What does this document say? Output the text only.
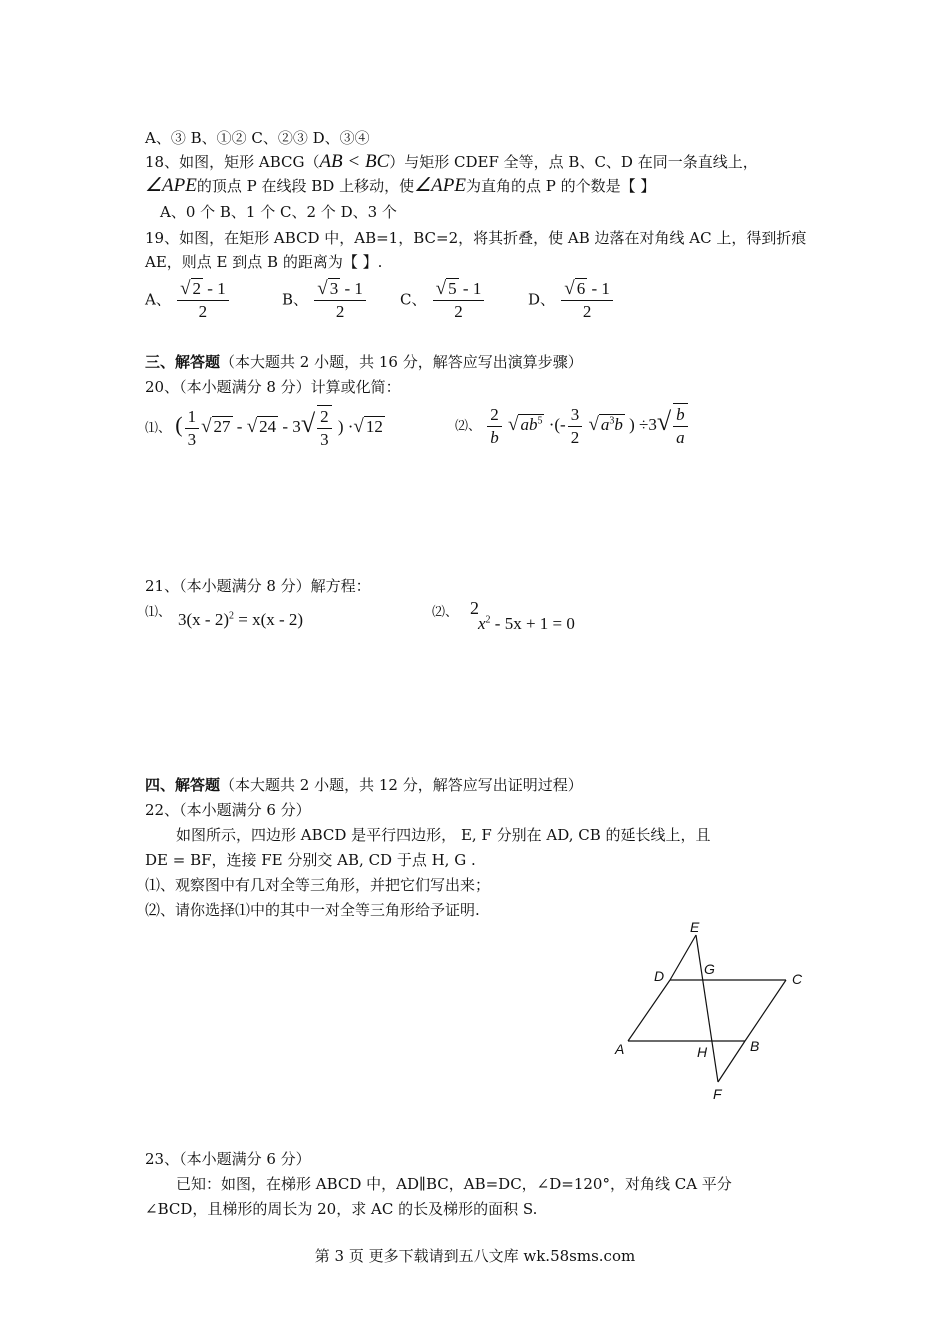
A、③ B、①② C、②③ D、③④
18、如图，矩形 ABCG（AB < BC）与矩形 CDEF 全等，点 B、C、D 在同一条直线上，
∠APE的顶点 P 在线段 BD 上移动，使∠APE为直角的点 P 的个数是【 】
A、0 个 B、1 个 C、2 个 D、3 个
19、如图，在矩形 ABCD 中，AB=1，BC=2，将其折叠，使 AB 边落在对角线 AC 上，得到折痕
AE，则点 E 到点 B 的距离为【 】.
A、 $\frac{√ 2 - 1}{2}$	B、 $\frac{√ 3 - 1}{2}$ C、 $\frac{√ 5 - 1}{2}$	D、 $\frac{√ 6 - 1}{2}$
三、解答题（本大题共 2 小题，共 16 分，解答应写出演算步骤）
20、（本小题满分 8 分）计算或化简：
⑴、 ( $\frac{1}{3}$ √ 27 - √ $24 - 3√ \frac{2}{3}$ ) ·√ 12	⑵、 $\frac{2}{b}$ √ $ab^5$ ·(- $\frac{3}{2}$ √ $a^3b$ ) $\div 3√ \frac{b}{a}$
21、（本小题满分 8 分）解方程：
⑴、 3(x - 2)$^2$ = x(x - 2)	⑵、 2
$x^2 - 5x + 1 = 0$
四、解答题（本大题共 2 小题，共 12 分，解答应写出证明过程）
22、（本小题满分 6 分）
如图所示，四边形 ABCD 是平行四边形， E, F 分别在 AD, CB 的延长线上，且
DE = BF，连接 FE 分别交 AB, CD 于点 H, G .
⑴、观察图中有几对全等三角形，并把它们写出来；
⑵、请你选择⑴中的其中一对全等三角形给予证明.
E
D	G
C
A	H	B
F
23、（本小题满分 6 分）
已知：如图，在梯形 ABCD 中，AD∥BC，AB=DC，∠D=120°，对角线 CA 平分
∠BCD，且梯形的周长为 20，求 AC 的长及梯形的面积 S.
第 3 页 更多下载请到五八文库 wk.58sms.com
